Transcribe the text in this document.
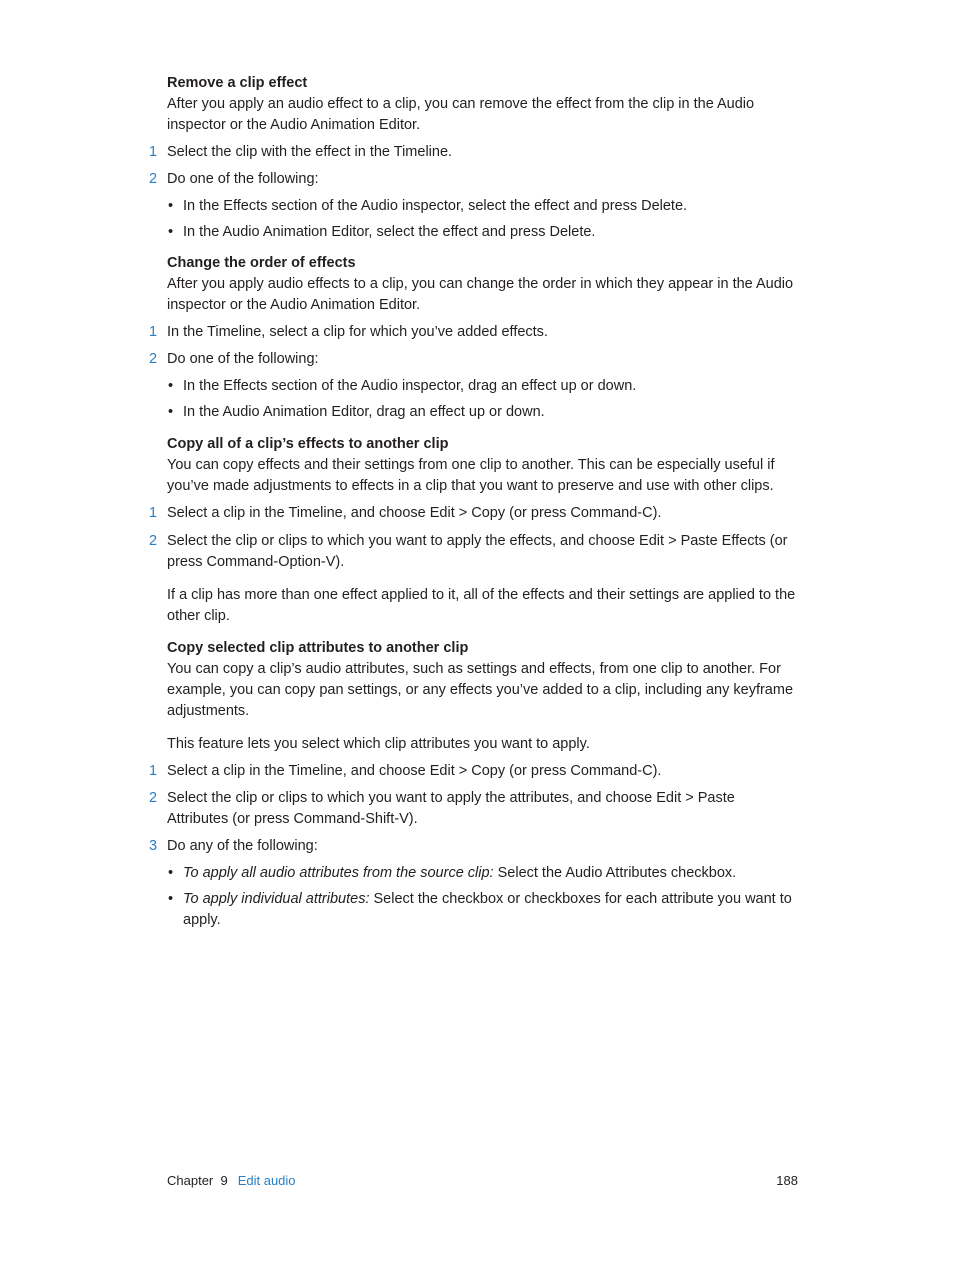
Remove a clip effect

After you apply an audio effect to a clip, you can remove the effect from the clip in the Audio inspector or the Audio Animation Editor.

1 Select the clip with the effect in the Timeline.
2 Do one of the following:
• In the Effects section of the Audio inspector, select the effect and press Delete.
• In the Audio Animation Editor, select the effect and press Delete.
Change the order of effects

After you apply audio effects to a clip, you can change the order in which they appear in the Audio inspector or the Audio Animation Editor.

1 In the Timeline, select a clip for which you’ve added effects.
2 Do one of the following:
• In the Effects section of the Audio inspector, drag an effect up or down.
• In the Audio Animation Editor, drag an effect up or down.
Copy all of a clip’s effects to another clip

You can copy effects and their settings from one clip to another. This can be especially useful if you’ve made adjustments to effects in a clip that you want to preserve and use with other clips.

1 Select a clip in the Timeline, and choose Edit > Copy (or press Command-C).
2 Select the clip or clips to which you want to apply the effects, and choose Edit > Paste Effects (or press Command-Option-V).

If a clip has more than one effect applied to it, all of the effects and their settings are applied to the other clip.

Copy selected clip attributes to another clip

You can copy a clip’s audio attributes, such as settings and effects, from one clip to another. For example, you can copy pan settings, or any effects you’ve added to a clip, including any keyframe adjustments.

This feature lets you select which clip attributes you want to apply.

1 Select a clip in the Timeline, and choose Edit > Copy (or press Command-C).
2 Select the clip or clips to which you want to apply the attributes, and choose Edit > Paste Attributes (or press Command-Shift-V).
3 Do any of the following:
• To apply all audio attributes from the source clip: Select the Audio Attributes checkbox.
• To apply individual attributes: Select the checkbox or checkboxes for each attribute you want to apply.
Chapter  9 Edit audio	188
